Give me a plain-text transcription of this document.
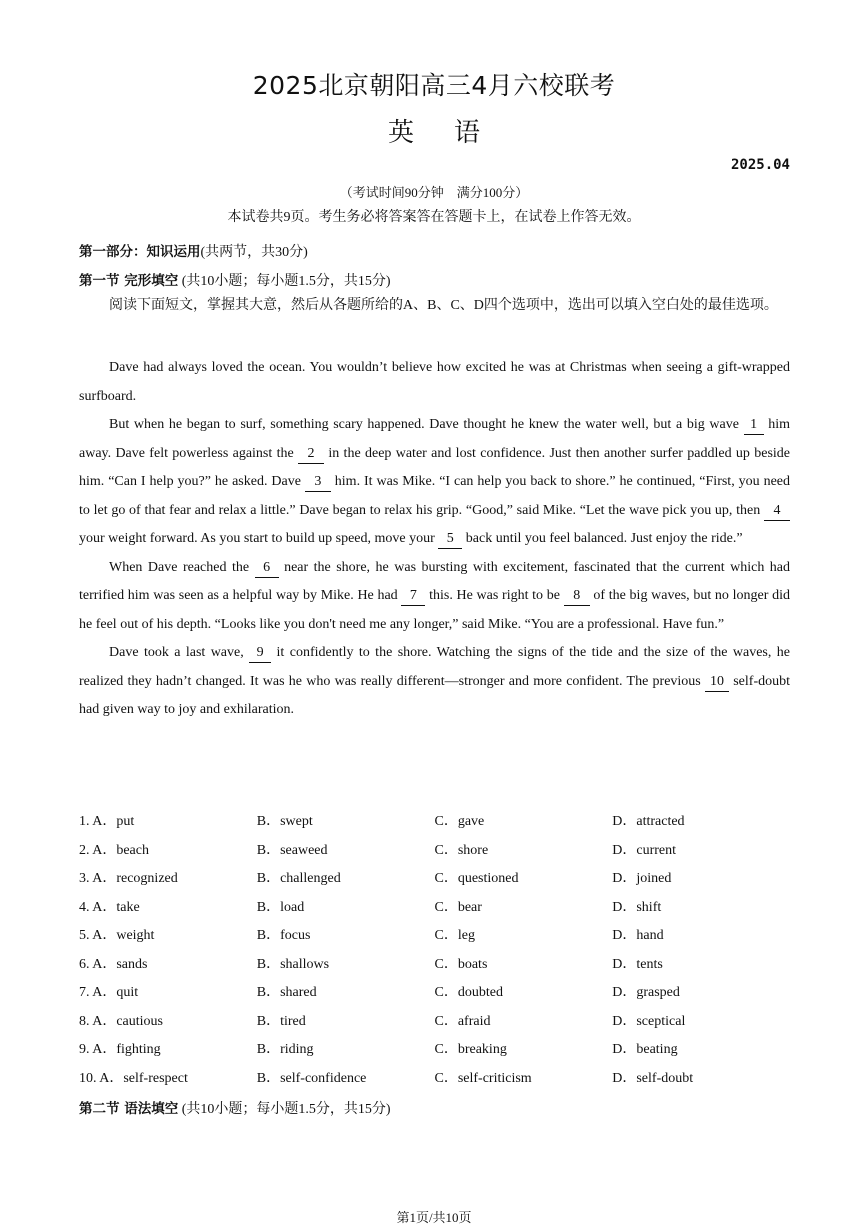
2025北京朝阳高三4月六校联考
英语
2025.04
（考试时间90分钟　满分100分）
本试卷共9页。考生务必将答案答在答题卡上，在试卷上作答无效。
第一部分：知识运用(共两节，共30分)
第一节 完形填空 (共10小题；每小题1.5分，共15分)

阅读下面短文，掌握其大意，然后从各题所给的A、B、C、D四个选项中，选出可以填入空白处的最佳选项。

Dave had always loved the ocean. You wouldn’t believe how excited he was at Christmas when seeing a gift-wrapped surfboard.

But when he began to surf, something scary happened. Dave thought he knew the water well, but a big wave 1 him away. Dave felt powerless against the 2 in the deep water and lost confidence. Just then another surfer paddled up beside him. “Can I help you?” he asked. Dave 3 him. It was Mike. “I can help you back to shore.” he continued, “First, you need to let go of that fear and relax a little.” Dave began to relax his grip. “Good,” said Mike. “Let the wave pick you up, then 4 your weight forward. As you start to build up speed, move your 5 back until you feel balanced. Just enjoy the ride.”

When Dave reached the 6 near the shore, he was bursting with excitement, fascinated that the current which had terrified him was seen as a helpful way by Mike. He had 7 this. He was right to be 8 of the big waves, but no longer did he feel out of his depth. “Looks like you don't need me any longer,” said Mike. “You are a professional. Have fun.”

Dave took a last wave, 9 it confidently to the shore. Watching the signs of the tide and the size of the waves, he realized they hadn’t changed. It was he who was really different—stronger and more confident. The previous 10 self-doubt had given way to joy and exhilaration.

1. A．put	B．swept	C．gave	D．attracted
2. A．beach	B．seaweed	C．shore	D．current
3. A．recognized	B．challenged	C．questioned	D．joined
4. A．take	B．load	C．bear	D．shift
5. A．weight	B．focus	C．leg	D．hand
6. A．sands	B．shallows	C．boats	D．tents
7. A．quit	B．shared	C．doubted	D．grasped
8. A．cautious	B．tired	C．afraid	D．sceptical
9. A．fighting	B．riding	C．breaking	D．beating
10. A．self-respect	B．self-confidence	C．self-criticism	D．self-doubt
第二节 语法填空 (共10小题；每小题1.5分，共15分)
第1页/共10页
